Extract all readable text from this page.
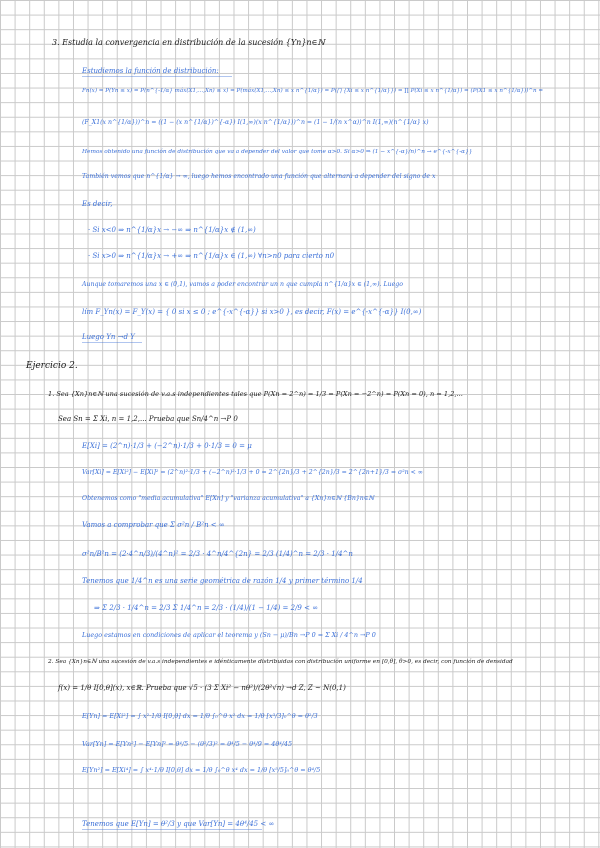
3. Estudia la convergencia en distribución de la sucesión {Yn}n∈ℕ
Estudiemos la función de distribución:
Fn(x) = P(Yn ≤ x) = P(n^{-1/α} máx(X1,...,Xn) ≤ x) = P(máx(X1,...,Xn) ≤ x n^{1/α}) = P(⋂ {Xi ≤ x n^{1/α}}) = ∏ P(Xi ≤ x n^{1/α}) = (P(X1 ≤ x n^{1/α}))^n =
(F_X1(x n^{1/α}))^n = ((1 − (x n^{1/α})^{-α}) I(1,∞)(x n^{1/α}))^n = (1 − 1/(n x^α))^n I(1,∞)(n^{1/α} x)
Hemos obtenido una función de distribución que va a depender del valor que tome α>0. Si α>0 ⇒ (1 − x^{-α}/n)^n → e^{-x^{-α}}
También vemos que n^{1/α} → ∞, luego hemos encontrado una función que alternará a depender del signo de x
Es decir,
· Si x<0 ⇒ n^{1/α}x → −∞ ⇒ n^{1/α}x ∉ (1,∞)
· Si x>0 ⇒ n^{1/α}x → +∞ ⇒ n^{1/α}x ∈ (1,∞) ∀n>n0 para cierto n0
Aunque tomaremos una x ∈ (0,1), vamos a poder encontrar un n que cumpla n^{1/α}x ∈ (1,∞). Luego
lím F_Yn(x) = F_Y(x) = { 0 si x ≤ 0 ; e^{-x^{-α}} si x>0 }, es decir, F(x) = e^{-x^{-α}} I(0,∞)
Luego Yn →d Y
Ejercicio 2.
1. Sea {Xn}n∈ℕ una sucesión de v.a.s independientes tales que P(Xn = 2^n) = 1/3 = P(Xn = −2^n) = P(Xn = 0), n = 1,2,...
Sea Sn = Σ Xi, n = 1,2,... Prueba que Sn/4^n →P 0
E[Xi] = (2^n)·1/3 + (−2^n)·1/3 + 0·1/3 = 0 = μ
Var[Xi] = E[Xi²] − E[Xi]² = (2^n)²·1/3 + (−2^n)²·1/3 + 0 = 2^{2n}/3 + 2^{2n}/3 = 2^{2n+1}/3 = σ²n < ∞
Obtenemos como "media acumulativa" E[Xn] y "varianza acumulativa" a {Xn}n∈ℕ {Bn}n∈ℕ
Vamos a comprobar que Σ σ²n / B²n < ∞
σ²n/B²n = (2·4^n/3)/(4^n)² = 2/3 · 4^n/4^{2n} = 2/3 (1/4)^n = 2/3 · 1/4^n
Tenemos que 1/4^n es una serie geométrica de razón 1/4 y primer término 1/4
⇒ Σ 2/3 · 1/4^n = 2/3 Σ 1/4^n = 2/3 · (1/4)/(1 − 1/4) = 2/9 < ∞
Luego estamos en condiciones de aplicar el teorema y (Sn − μ)/Bn →P 0 = Σ Xi / 4^n →P 0
2. Sea {Xn}n∈ℕ una sucesión de v.a.s independientes e idénticamente distribuidas con distribución uniforme en [0,θ], θ>0, es decir, con función de densidad
f(x) = 1/θ I[0,θ](x), x∈ℝ. Prueba que √5 · (3 Σ Xi² − nθ²)/(2θ²√n) →d Z, Z ~ N(0,1)
E[Yn] = E[Xi²] = ∫ x²·1/θ I[0,θ] dx = 1/θ ∫₀^θ x² dx = 1/θ [x³/3]₀^θ = θ²/3
Var[Yn] = E[Yn²] − E[Yn]² = θ⁴/5 − (θ²/3)² = θ⁴/5 − θ⁴/9 = 4θ⁴/45
E[Yn²] = E[Xi⁴] = ∫ x⁴·1/θ I[0,θ] dx = 1/θ ∫₀^θ x⁴ dx = 1/θ [x⁵/5]₀^θ = θ⁴/5
Tenemos que E[Yn] = θ²/3 y que Var[Yn] = 4θ⁴/45 < ∞
